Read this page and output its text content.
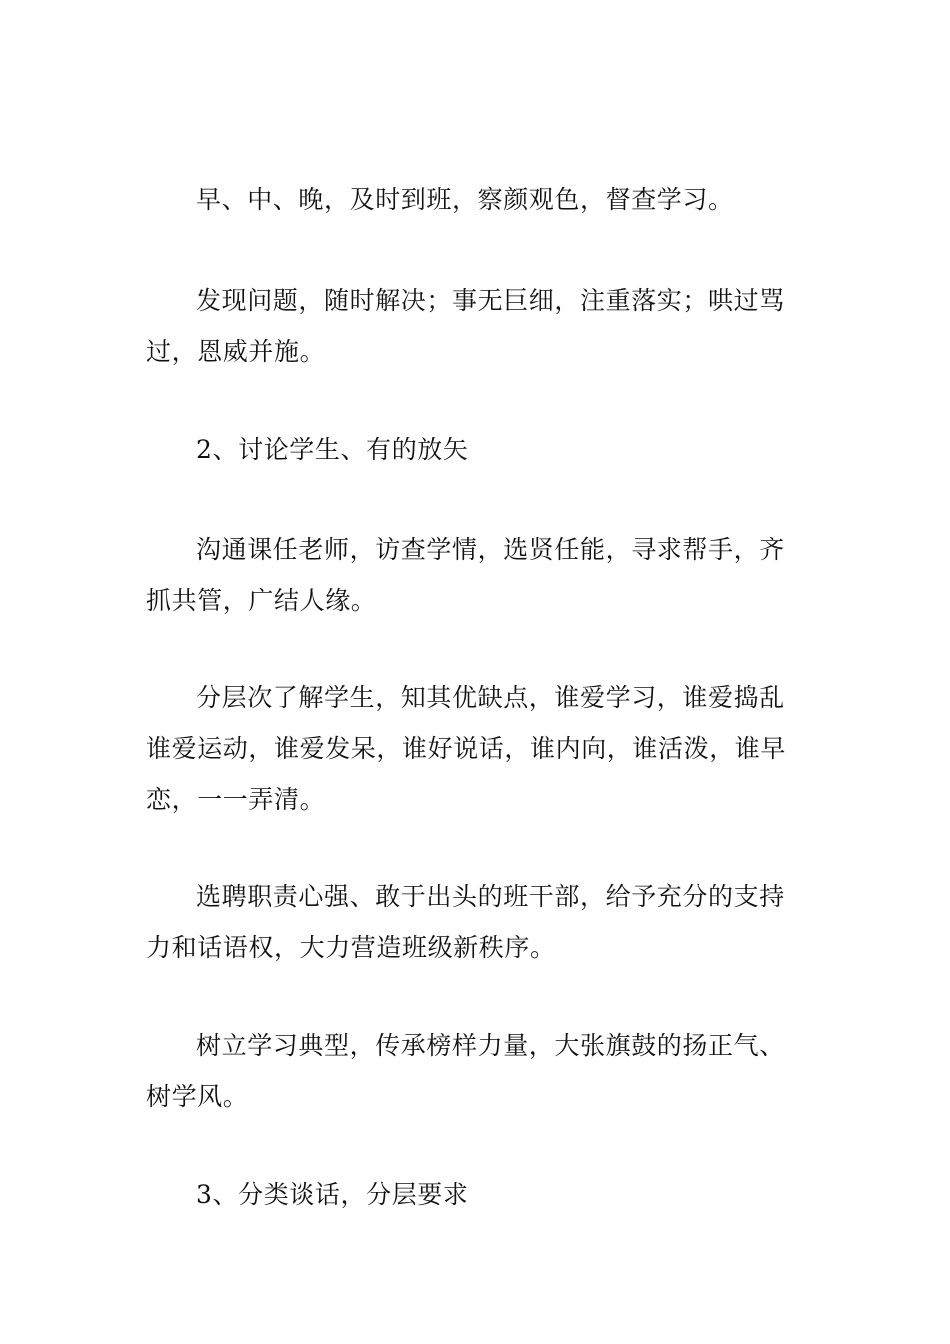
早、中、晚，及时到班，察颜观色，督查学习。

发现问题，随时解决；事无巨细，注重落实；哄过骂
过，恩威并施。

2、讨论学生、有的放矢

沟通课任老师，访查学情，选贤任能，寻求帮手，齐
抓共管，广结人缘。

分层次了解学生，知其优缺点，谁爱学习，谁爱捣乱
谁爱运动，谁爱发呆，谁好说话，谁内向，谁活泼，谁早
恋，一一弄清。

选聘职责心强、敢于出头的班干部，给予充分的支持
力和话语权，大力营造班级新秩序。

树立学习典型，传承榜样力量，大张旗鼓的扬正气、
树学风。

3、分类谈话，分层要求
